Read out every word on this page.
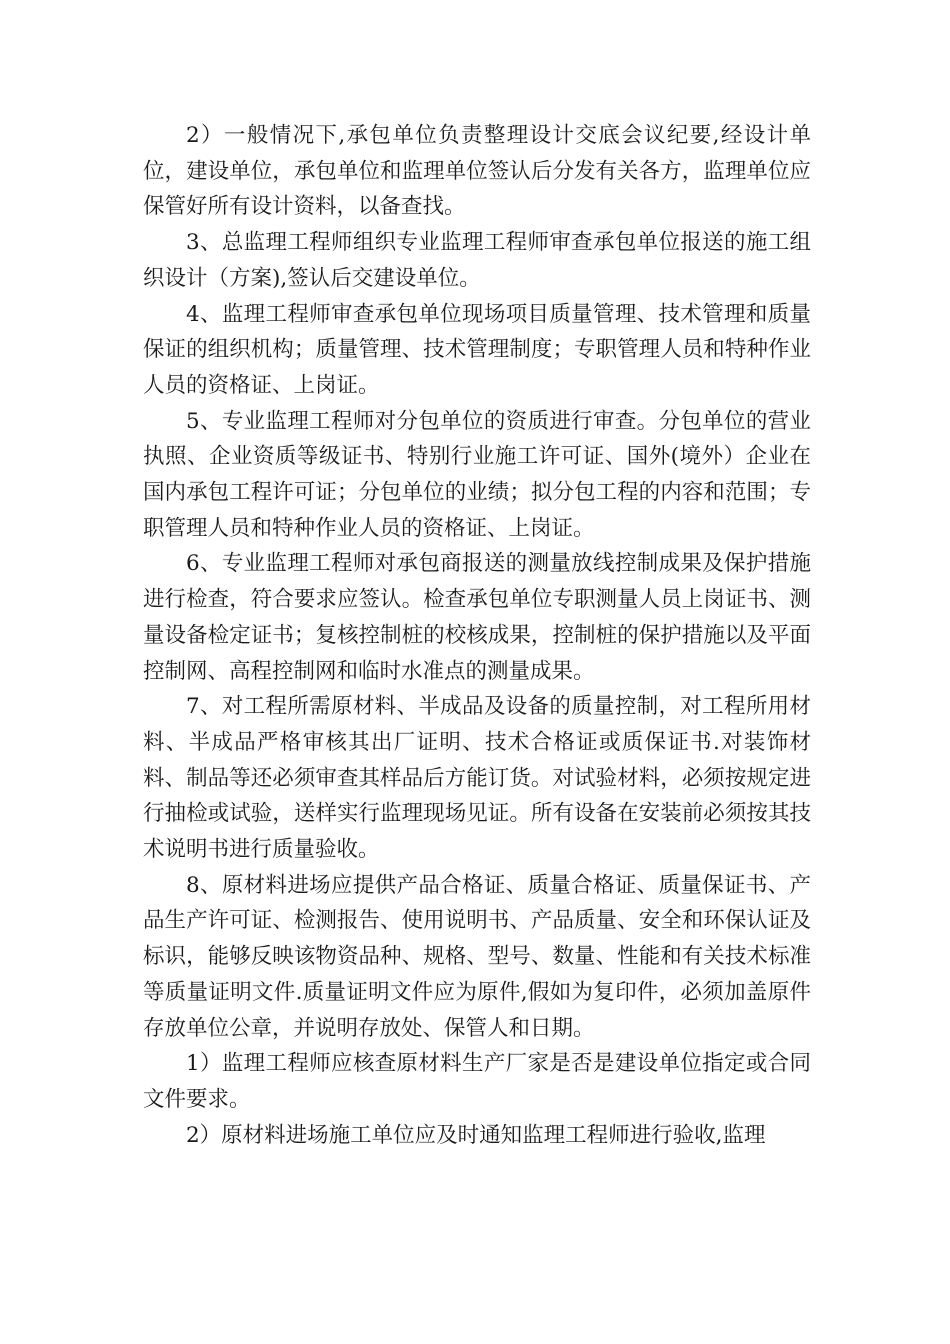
2）一般情况下,承包单位负责整理设计交底会议纪要,经设计单位，建设单位，承包单位和监理单位签认后分发有关各方，监理单位应保管好所有设计资料，以备查找。

3、总监理工程师组织专业监理工程师审查承包单位报送的施工组织设计（方案),签认后交建设单位。

4、监理工程师审查承包单位现场项目质量管理、技术管理和质量保证的组织机构；质量管理、技术管理制度；专职管理人员和特种作业人员的资格证、上岗证。

5、专业监理工程师对分包单位的资质进行审查。分包单位的营业执照、企业资质等级证书、特别行业施工许可证、国外(境外）企业在国内承包工程许可证；分包单位的业绩；拟分包工程的内容和范围；专职管理人员和特种作业人员的资格证、上岗证。

6、专业监理工程师对承包商报送的测量放线控制成果及保护措施进行检查，符合要求应签认。检查承包单位专职测量人员上岗证书、测量设备检定证书；复核控制桩的校核成果，控制桩的保护措施以及平面控制网、高程控制网和临时水准点的测量成果。

7、对工程所需原材料、半成品及设备的质量控制，对工程所用材料、半成品严格审核其出厂证明、技术合格证或质保证书.对装饰材料、制品等还必须审查其样品后方能订货。对试验材料，必须按规定进行抽检或试验，送样实行监理现场见证。所有设备在安装前必须按其技术说明书进行质量验收。

8、原材料进场应提供产品合格证、质量合格证、质量保证书、产品生产许可证、检测报告、使用说明书、产品质量、安全和环保认证及标识，能够反映该物资品种、规格、型号、数量、性能和有关技术标准等质量证明文件.质量证明文件应为原件,假如为复印件，必须加盖原件存放单位公章，并说明存放处、保管人和日期。

1）监理工程师应核查原材料生产厂家是否是建设单位指定或合同文件要求。

2）原材料进场施工单位应及时通知监理工程师进行验收,监理
